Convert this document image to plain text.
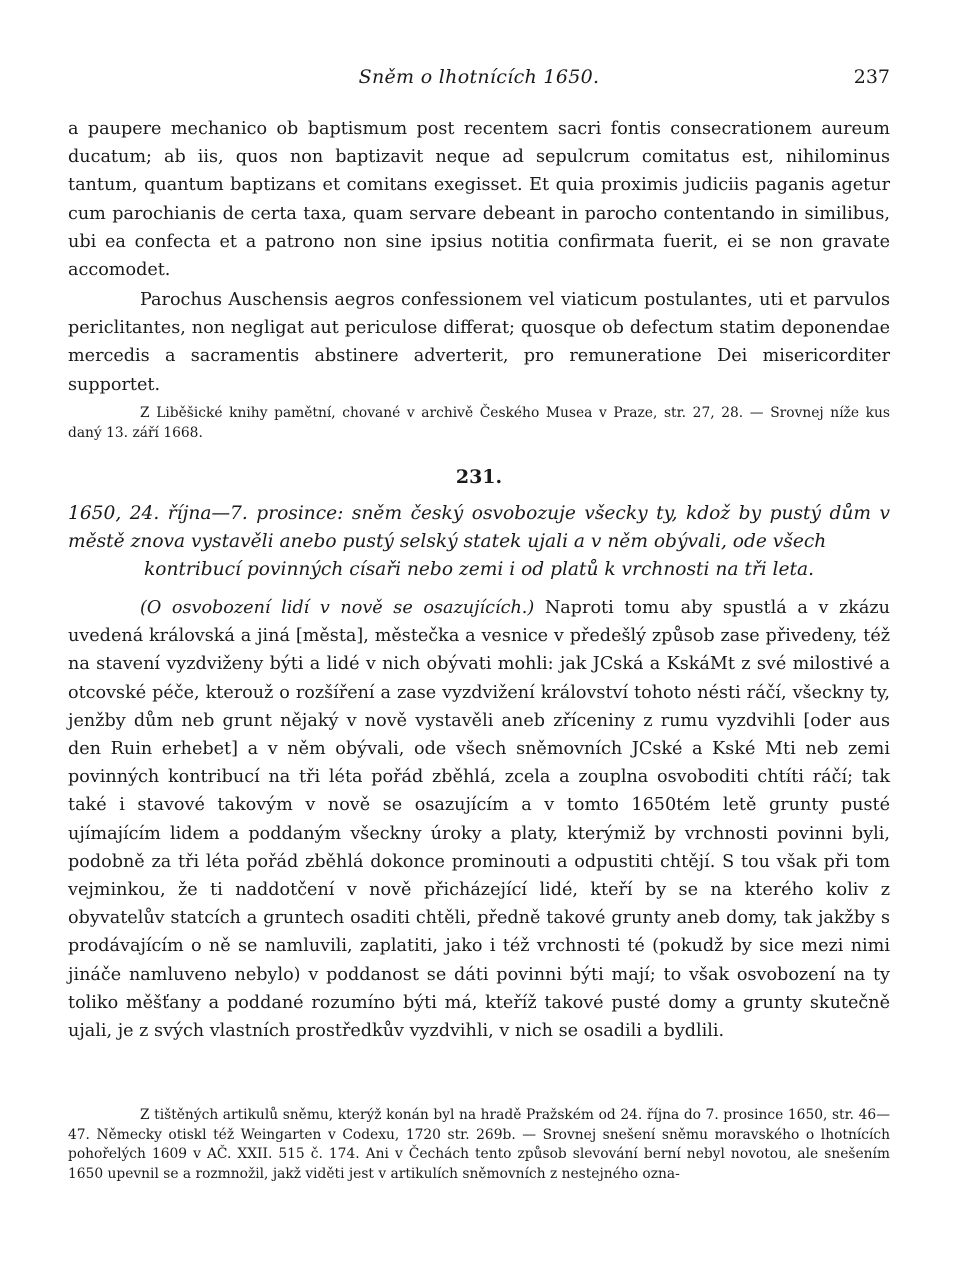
Sněm o lhotnících 1650.	237

a paupere mechanico ob baptismum post recentem sacri fontis consecrationem aureum ducatum; ab iis, quos non baptizavit neque ad sepulcrum comitatus est, nihilominus tantum, quantum baptizans et comitans exegisset. Et quia proximis judiciis paganis agetur cum parochianis de certa taxa, quam servare debeant in parocho contentando in similibus, ubi ea confecta et a patrono non sine ipsius notitia confirmata fuerit, ei se non gravate accomodet.

Parochus Auschensis aegros confessionem vel viaticum postulantes, uti et parvulos periclitantes, non negligat aut periculose differat; quosque ob defectum statim deponendae mercedis a sacramentis abstinere adverterit, pro remuneratione Dei misericorditer supportet.

Z Liběšické knihy pamětní, chované v archivě Českého Musea v Praze, str. 27, 28. — Srovnej níže kus daný 13. září 1668.

231.

1650, 24. října—7. prosince: sněm český osvobozuje všecky ty, kdož by pustý dům v městě znova vystavěli anebo pustý selský statek ujali a v něm obývali, ode všech
kontribucí povinných císaři nebo zemi i od platů k vrchnosti na tři leta.

(O osvobození lidí v nově se osazujících.) Naproti tomu aby spustlá a v zkázu uvedená královská a jiná [města], městečka a vesnice v předešlý způsob zase přivedeny, též na stavení vyzdviženy býti a lidé v nich obývati mohli: jak JCská a KskáMt z své milostivé a otcovské péče, kterouž o rozšíření a zase vyzdvižení království tohoto nésti ráčí, všeckny ty, jenžby dům neb grunt nějaký v nově vystavěli aneb zříceniny z rumu vyzdvihli [oder aus den Ruin erhebet] a v něm obývali, ode všech sněmovních JCské a Kské Mti neb zemi povinných kontribucí na tři léta pořád zběhlá, zcela a zouplna osvoboditi chtíti ráčí; tak také i stavové takovým v nově se osazujícím a v tomto 1650tém letě grunty pusté ujímajícím lidem a poddaným všeckny úroky a platy, kterýmiž by vrchnosti povinni byli, podobně za tři léta pořád zběhlá dokonce prominouti a odpustiti chtějí. S tou však při tom vejminkou, že ti naddotčení v nově přicházející lidé, kteří by se na kterého koliv z obyvatelův statcích a gruntech osaditi chtěli, předně takové grunty aneb domy, tak jakžby s prodávajícím o ně se namluvili, zaplatiti, jako i též vrchnosti té (pokudž by sice mezi nimi jináče namluveno nebylo) v poddanost se dáti povinni býti mají; to však osvobození na ty toliko měšťany a poddané rozumíno býti má, kteříž takové pusté domy a grunty skutečně ujali, je z svých vlastních prostředkův vyzdvihli, v nich se osadili a bydlili.

Z tištěných artikulů sněmu, kterýž konán byl na hradě Pražském od 24. října do 7. prosince 1650, str. 46—47. Německy otiskl též Weingarten v Codexu, 1720 str. 269b. — Srovnej snešení sněmu moravského o lhotnících pohořelých 1609 v AČ. XXII. 515 č. 174. Ani v Čechách tento způsob slevování berní nebyl novotou, ale snešením 1650 upevnil se a rozmnožil, jakž viděti jest v artikulích sněmovních z nestejného ozna-
